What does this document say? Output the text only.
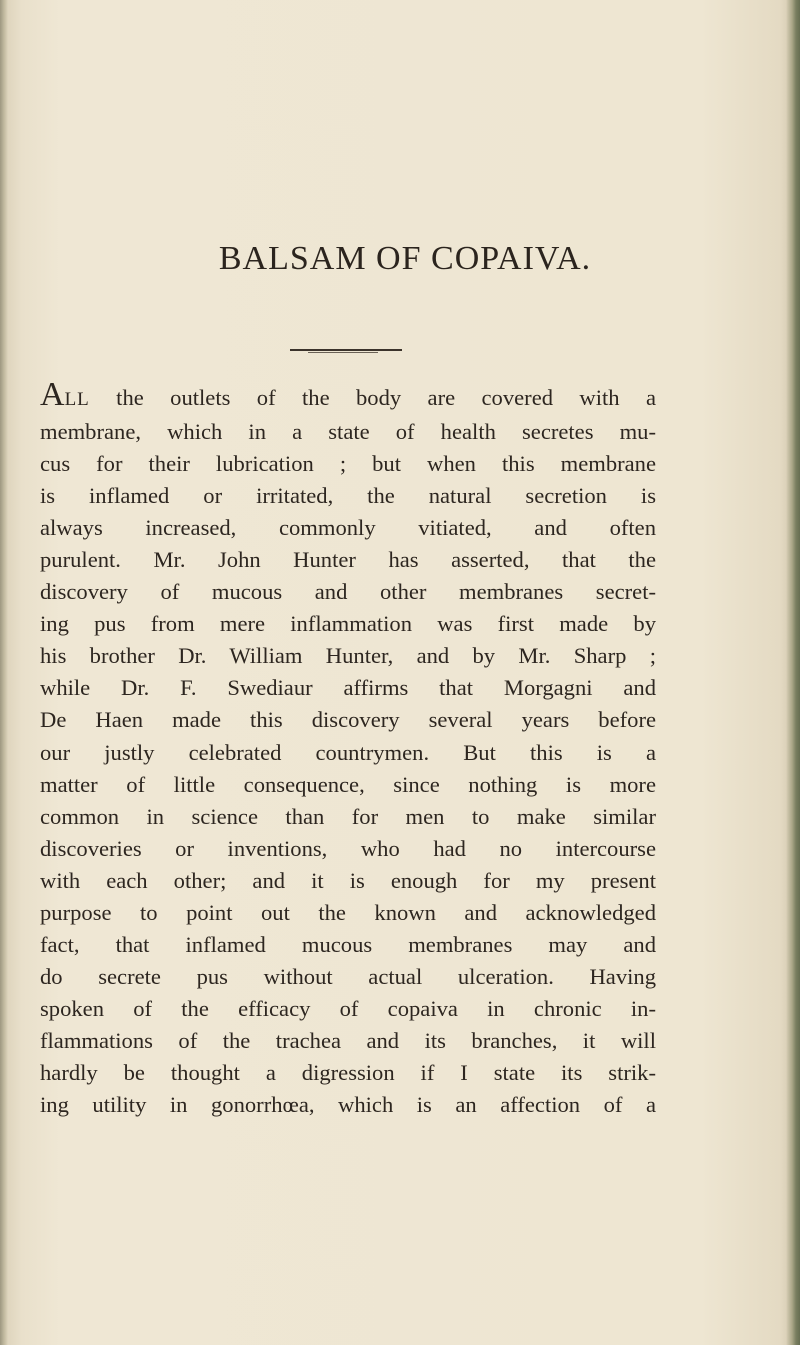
BALSAM OF COPAIVA.
ALL the outlets of the body are covered with a
membrane, which in a state of health secretes mu-
cus for their lubrication ; but when this membrane
is inflamed or irritated, the natural secretion is
always increased, commonly vitiated, and often
purulent. Mr. John Hunter has asserted, that the
discovery of mucous and other membranes secret-
ing pus from mere inflammation was first made by
his brother Dr. William Hunter, and by Mr. Sharp ;
while Dr. F. Swediaur affirms that Morgagni and
De Haen made this discovery several years before
our justly celebrated countrymen. But this is a
matter of little consequence, since nothing is more
common in science than for men to make similar
discoveries or inventions, who had no intercourse
with each other; and it is enough for my present
purpose to point out the known and acknowledged
fact, that inflamed mucous membranes may and
do secrete pus without actual ulceration. Having
spoken of the efficacy of copaiva in chronic in-
flammations of the trachea and its branches, it will
hardly be thought a digression if I state its strik-
ing utility in gonorrhœa, which is an affection of a
